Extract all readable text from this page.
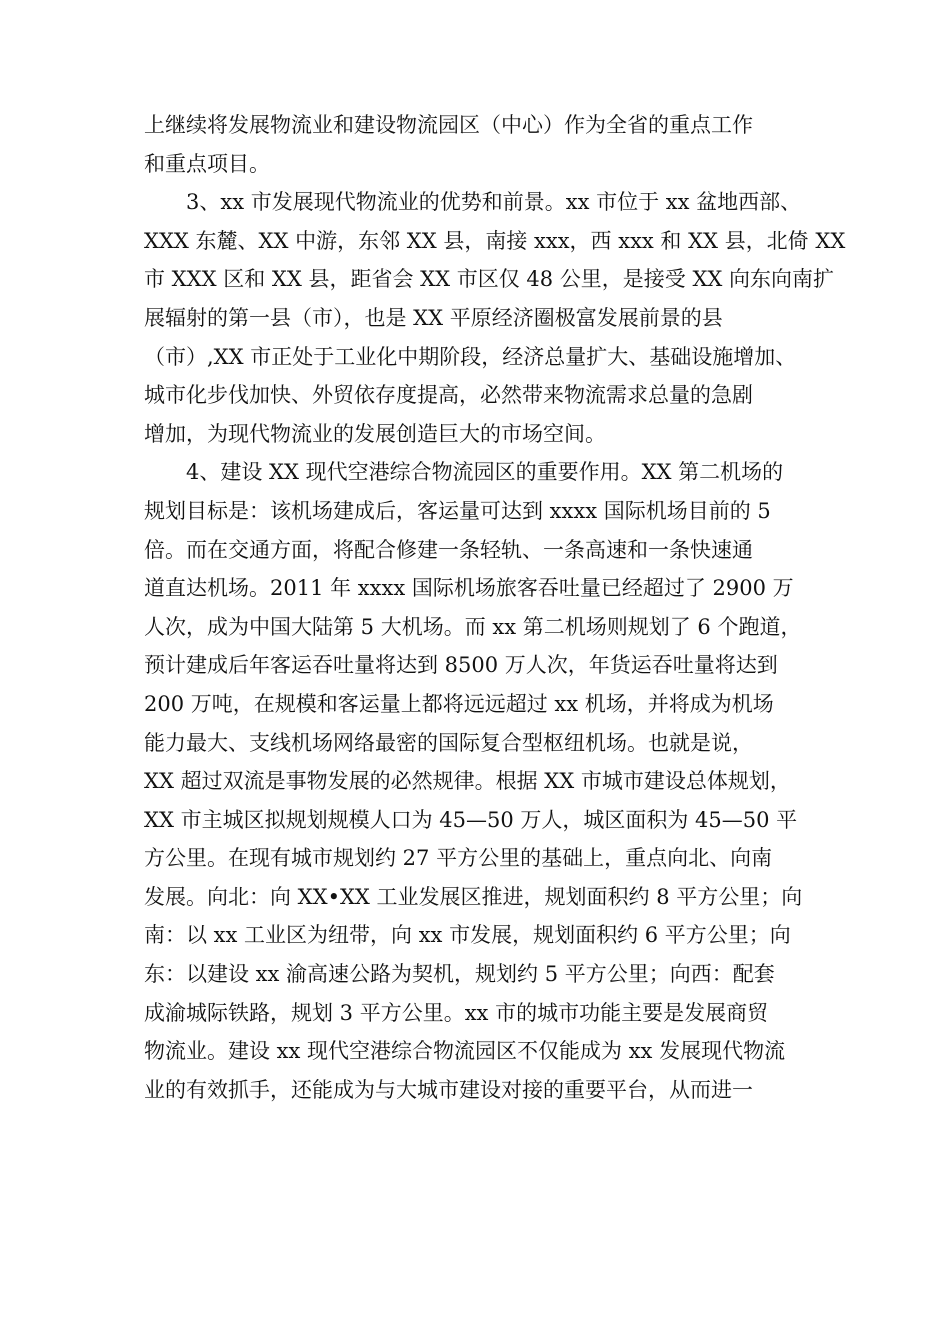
上继续将发展物流业和建设物流园区（中心）作为全省的重点工作
和重点项目。
3、xx 市发展现代物流业的优势和前景。xx 市位于 xx 盆地西部、
XXX 东麓、XX 中游，东邻 XX 县，南接 xxx，西 xxx 和 XX 县，北倚 XX
市 XXX 区和 XX 县，距省会 XX 市区仅 48 公里，是接受 XX 向东向南扩
展辐射的第一县（市），也是 XX 平原经济圈极富发展前景的县
（市）,XX 市正处于工业化中期阶段，经济总量扩大、基础设施增加、
城市化步伐加快、外贸依存度提高，必然带来物流需求总量的急剧
增加，为现代物流业的发展创造巨大的市场空间。
4、建设 XX 现代空港综合物流园区的重要作用。XX 第二机场的
规划目标是：该机场建成后，客运量可达到 xxxx 国际机场目前的 5
倍。而在交通方面，将配合修建一条轻轨、一条高速和一条快速通
道直达机场。2011 年 xxxx 国际机场旅客吞吐量已经超过了 2900 万
人次，成为中国大陆第 5 大机场。而 xx 第二机场则规划了 6 个跑道，
预计建成后年客运吞吐量将达到 8500 万人次，年货运吞吐量将达到
200 万吨，在规模和客运量上都将远远超过 xx 机场，并将成为机场
能力最大、支线机场网络最密的国际复合型枢纽机场。也就是说，
XX 超过双流是事物发展的必然规律。根据 XX 市城市建设总体规划，
XX 市主城区拟规划规模人口为 45—50 万人，城区面积为 45—50 平
方公里。在现有城市规划约 27 平方公里的基础上，重点向北、向南
发展。向北：向 XX•XX 工业发展区推进，规划面积约 8 平方公里；向
南：以 xx 工业区为纽带，向 xx 市发展，规划面积约 6 平方公里；向
东：以建设 xx 渝高速公路为契机，规划约 5 平方公里；向西：配套
成渝城际铁路，规划 3 平方公里。xx 市的城市功能主要是发展商贸
物流业。建设 xx 现代空港综合物流园区不仅能成为 xx 发展现代物流
业的有效抓手，还能成为与大城市建设对接的重要平台，从而进一
